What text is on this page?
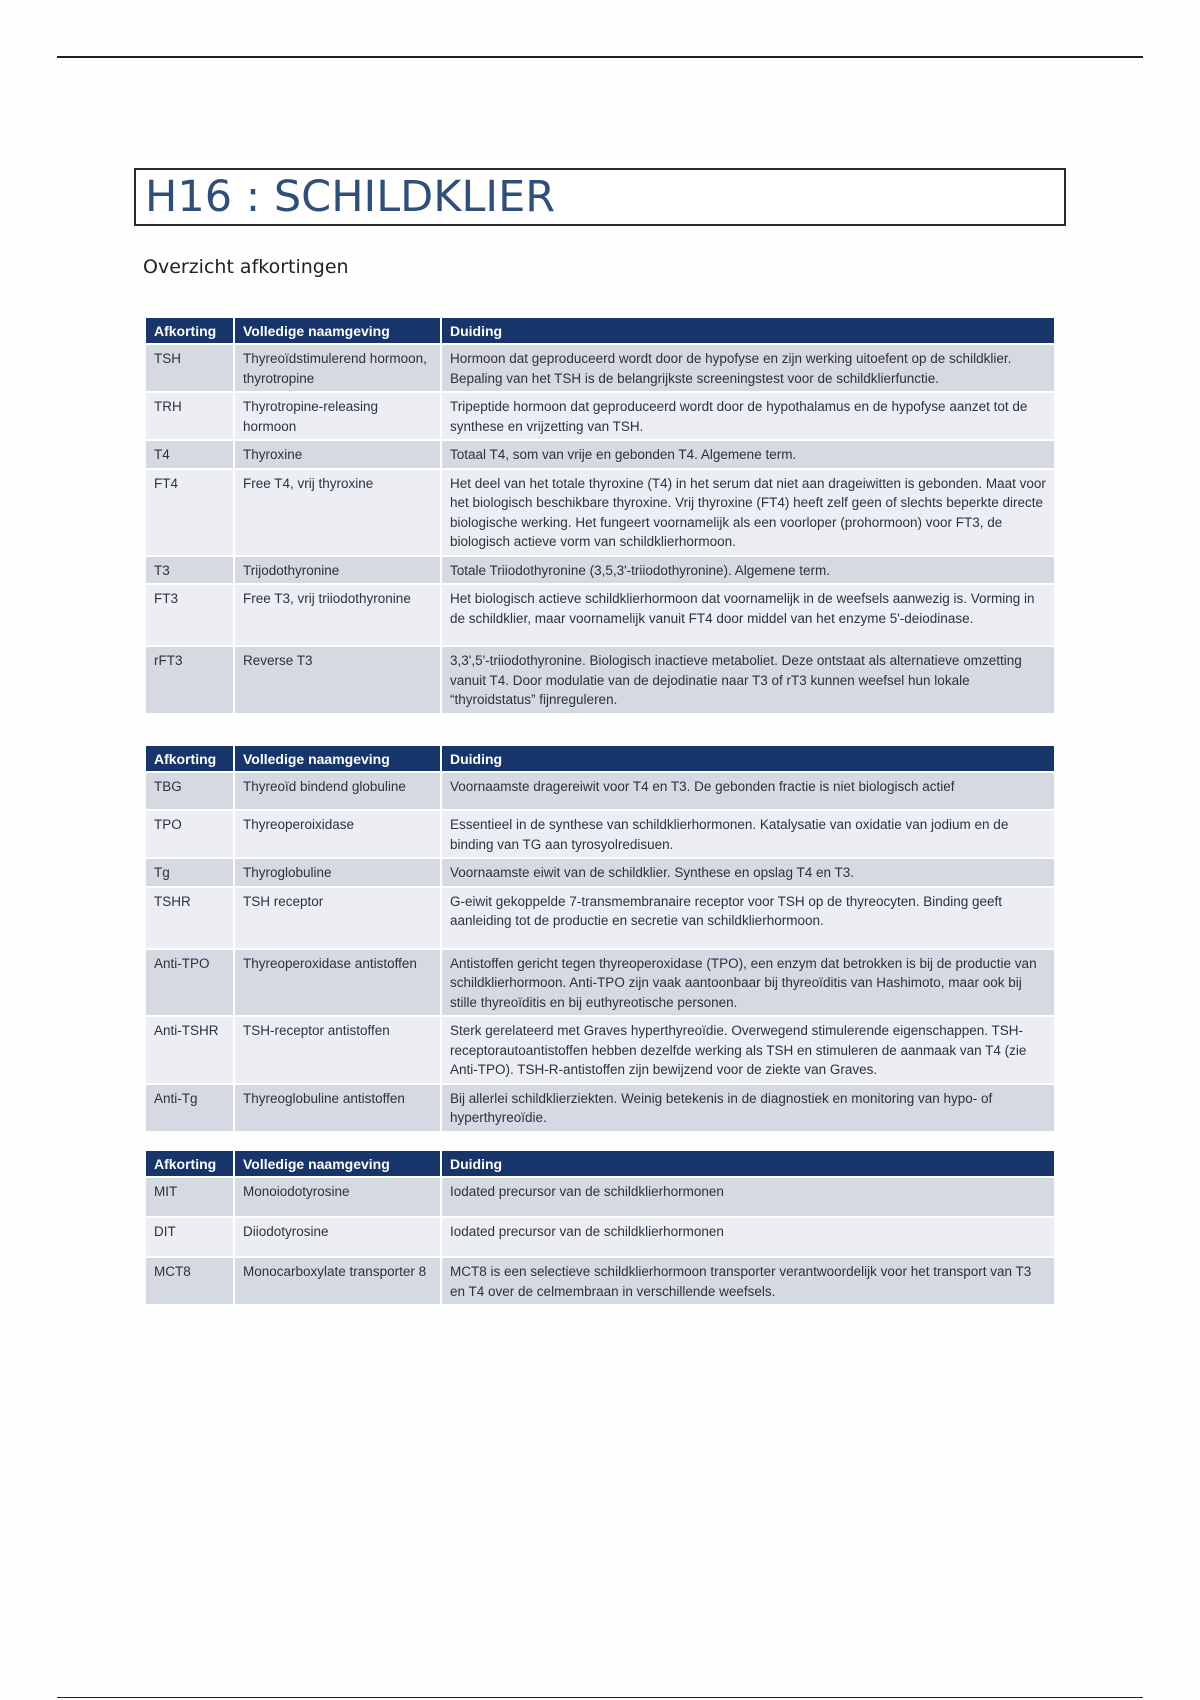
H16 : SCHILDKLIER
Overzicht afkortingen
Afkorting	Volledige naamgeving	Duiding
TSH	Thyreoïdstimulerend hormoon, thyrotropine	Hormoon dat geproduceerd wordt door de hypofyse en zijn werking uitoefent op de schildklier. Bepaling van het TSH is de belangrijkste screeningstest voor de schildklierfunctie.
TRH	Thyrotropine-releasing hormoon	Tripeptide hormoon dat geproduceerd wordt door de hypothalamus en de hypofyse aanzet tot de synthese en vrijzetting van TSH.
T4	Thyroxine	Totaal T4, som van vrije en gebonden T4. Algemene term.
FT4	Free T4, vrij thyroxine	Het deel van het totale thyroxine (T4) in het serum dat niet aan drageiwitten is gebonden. Maat voor het biologisch beschikbare thyroxine. Vrij thyroxine (FT4) heeft zelf geen of slechts beperkte directe biologische werking. Het fungeert voornamelijk als een voorloper (prohormoon) voor FT3, de biologisch actieve vorm van schildklierhormoon.
T3	Trijodothyronine	Totale Triiodothyronine (3,5,3'-triiodothyronine). Algemene term.
FT3	Free T3, vrij triiodothyronine	Het biologisch actieve schildklierhormoon dat voornamelijk in de weefsels aanwezig is. Vorming in de schildklier, maar voornamelijk vanuit FT4 door middel van het enzyme 5'-deiodinase.
rFT3	Reverse T3	3,3',5'-triiodothyronine. Biologisch inactieve metaboliet. Deze ontstaat als alternatieve omzetting vanuit T4. Door modulatie van de dejodinatie naar T3 of rT3 kunnen weefsel hun lokale “thyroidstatus” fijnreguleren.
Afkorting	Volledige naamgeving	Duiding
TBG	Thyreoïd bindend globuline	Voornaamste dragereiwit voor T4 en T3. De gebonden fractie is niet biologisch actief
TPO	Thyreoperoixidase	Essentieel in de synthese van schildklierhormonen. Katalysatie van oxidatie van jodium en de binding van TG aan tyrosyolredisuen.
Tg	Thyroglobuline	Voornaamste eiwit van de schildklier. Synthese en opslag T4 en T3.
TSHR	TSH receptor	G-eiwit gekoppelde 7-transmembranaire receptor voor TSH op de thyreocyten. Binding geeft aanleiding tot de productie en secretie van schildklierhormoon.
Anti-TPO	Thyreoperoxidase antistoffen	Antistoffen gericht tegen thyreoperoxidase (TPO), een enzym dat betrokken is bij de productie van schildklierhormoon. Anti-TPO zijn vaak aantoonbaar bij thyreoïditis van Hashimoto, maar ook bij stille thyreoïditis en bij euthyreotische personen.
Anti-TSHR	TSH-receptor antistoffen	Sterk gerelateerd met Graves hyperthyreoïdie. Overwegend stimulerende eigenschappen. TSH-receptorautoantistoffen hebben dezelfde werking als TSH en stimuleren de aanmaak van T4 (zie Anti-TPO). TSH-R-antistoffen zijn bewijzend voor de ziekte van Graves.
Anti-Tg	Thyreoglobuline antistoffen	Bij allerlei schildklierziekten. Weinig betekenis in de diagnostiek en monitoring van hypo- of hyperthyreoïdie.
Afkorting	Volledige naamgeving	Duiding
MIT	Monoiodotyrosine	Iodated precursor van de schildklierhormonen
DIT	Diiodotyrosine	Iodated precursor van de schildklierhormonen
MCT8	Monocarboxylate transporter 8	MCT8 is een selectieve schildklierhormoon transporter verantwoordelijk voor het transport van T3 en T4 over de celmembraan in verschillende weefsels.
